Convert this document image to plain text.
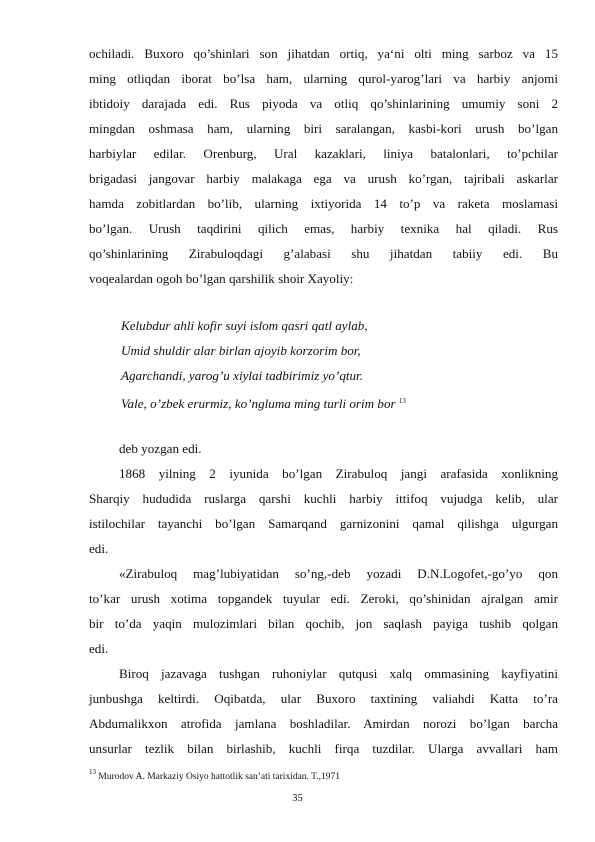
ochiladi. Buxoro qo’shinlari son jihatdan ortiq, ya‘ni olti ming sarboz va 15
ming otliqdan iborat bo’lsa ham, ularning qurol-yarog’lari va harbiy anjomi
ibtidoiy darajada edi. Rus piyoda va otliq qo’shinlarining umumiy soni 2
mingdan oshmasa ham, ularning biri saralangan, kasbi-kori urush bo’lgan
harbiylar edilar. Orenburg, Ural kazaklari, liniya batalonlari, to’pchilar
brigadasi jangovar harbiy malakaga ega va urush ko’rgan, tajribali askarlar
hamda zobitlardan bo’lib, ularning ixtiyorida 14 to’p va raketa moslamasi
bo’lgan. Urush taqdirini qilich emas, harbiy texnika hal qiladi. Rus
qo’shinlarining Zirabuloqdagi g’alabasi shu jihatdan tabiiy edi. Bu
voqealardan ogoh bo’lgan qarshilik shoir Xayoliy:
Kelubdur ahli kofir suyi islom qasri qatl aylab,
Umid shuldir alar birlan ajoyib korzorim bor,
Agarchandi, yarog’u xiylai tadbirimiz yo’qtur.
Vale, o’zbek erurmiz, ko’ngluma ming turli orim bor $^{13}$
deb yozgan edi.
1868 yilning 2 iyunida bo’lgan Zirabuloq jangi arafasida xonlikning
Sharqiy hududida ruslarga qarshi kuchli harbiy ittifoq vujudga kelib, ular
istilochilar tayanchi bo’lgan Samarqand garnizonini qamal qilishga ulgurgan
edi.
«Zirabuloq mag’lubiyatidan so’ng,-deb yozadi D.N.Logofet,-go’yo qon
to’kar urush xotima topgandek tuyular edi. Zeroki, qo’shinidan ajralgan amir
bir to’da yaqin mulozimlari bilan qochib, jon saqlash payiga tushib qolgan
edi.
Biroq jazavaga tushgan ruhoniylar qutqusi xalq ommasining kayfiyatini
junbushga keltirdi. Oqibatda, ular Buxoro taxtining valiahdi Katta to’ra
Abdumalikxon atrofida jamlana boshladilar. Amirdan norozi bo’lgan barcha
unsurlar tezlik bilan birlashib, kuchli firqa tuzdilar. Ularga avvallari ham
$^{13}$ Murodov A. Markaziy Osiyo hattotlik san’ati tarixidan. T.,1971
35
